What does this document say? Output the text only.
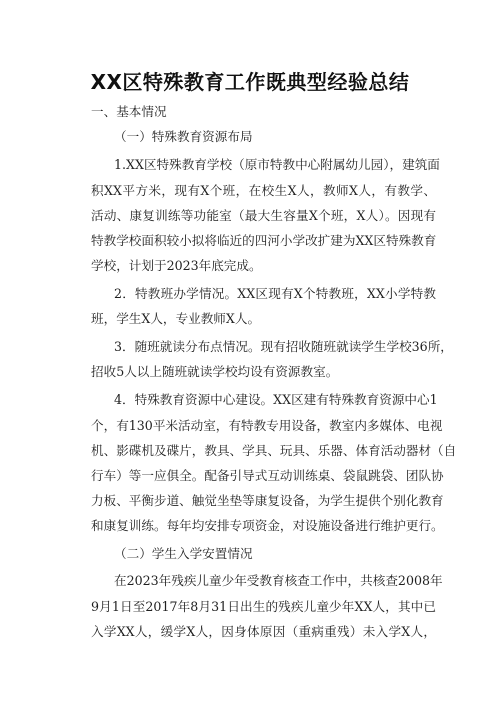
XX区特殊教育工作既典型经验总结
一、基本情况
（一）特殊教育资源布局
1.XX区特殊教育学校（原市特教中心附属幼儿园），建筑面
积XX平方米，现有X个班，在校生X人，教师X人，有教学、
活动、康复训练等功能室（最大生容量X个班，X人）。因现有
特教学校面积较小拟将临近的四河小学改扩建为XX区特殊教育
学校，计划于2023年底完成。
2．特教班办学情况。XX区现有X个特教班，XX小学特教
班，学生X人，专业教师X人。
3．随班就读分布点情况。现有招收随班就读学生学校36所，
招收5人以上随班就读学校均设有资源教室。
4．特殊教育资源中心建设。XX区建有特殊教育资源中心1
个，有130平米活动室，有特教专用设备，教室内多媒体、电视
机、影碟机及碟片，教具、学具、玩具、乐器、体育活动器材（自
行车）等一应俱全。配备引导式互动训练桌、袋鼠跳袋、团队协
力板、平衡步道、触觉坐垫等康复设备，为学生提供个别化教育
和康复训练。每年均安排专项资金，对设施设备进行维护更行。
（二）学生入学安置情况
在2023年残疾儿童少年受教育核查工作中，共核查2008年
9月1日至2017年8月31日出生的残疾儿童少年XX人，其中已
入学XX人，缓学X人，因身体原因（重病重残）未入学X人，
